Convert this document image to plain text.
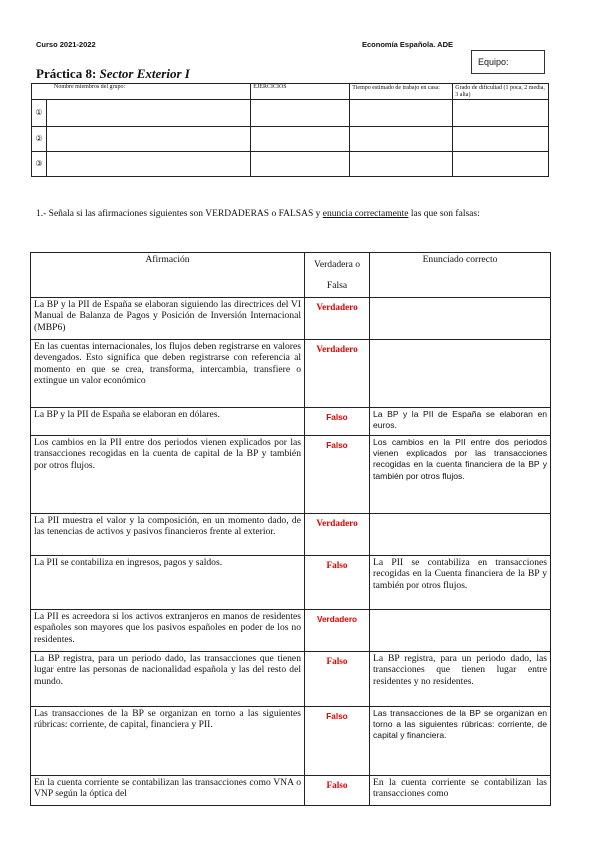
Curso 2021-2022	Economía Española. ADE
Equipo:
Práctica 8: Sector Exterior I
Nombre miembros del grupo:		EJERCICIOS	Tiempo estimado de trabajo en casa:	Grado de dificultad (1 poca, 2 media, 3 alta)
①				
②				
③				
1.- Señala si las afirmaciones siguientes son VERDADERAS o FALSAS y enuncia correctamente las que son falsas:
Afirmación	Verdadera o Falsa	Enunciado correcto
La BP y la PII de España se elaboran siguiendo las directrices del VI Manual de Balanza de Pagos y Posición de Inversión Internacional (MBP6)	Verdadero	
En las cuentas internacionales, los flujos deben registrarse en valores devengados. Esto significa que deben registrarse con referencia al momento en que se crea, transforma, intercambia, transfiere o extingue un valor económico	Verdadero	
La BP y la PII de España se elaboran en dólares.	Falso	La BP y la PII de España se elaboran en euros.
Los cambios en la PII entre dos periodos vienen explicados por las transacciones recogidas en la cuenta de capital de la BP y también por otros flujos.	Falso	Los cambios en la PII entre dos periodos vienen explicados por las transacciones recogidas en la cuenta financiera de la BP y también por otros flujos.
La PII muestra el valor y la composición, en un momento dado, de las tenencias de activos y pasivos financieros frente al exterior.	Verdadero	
La PII se contabiliza en ingresos, pagos y saldos.	Falso	La PII se contabiliza en transacciones recogidas en la Cuenta financiera de la BP y también por otros flujos.
La PII es acreedora si los activos extranjeros en manos de residentes españoles son mayores que los pasivos españoles en poder de los no residentes.	Verdadero	
La BP registra, para un periodo dado, las transacciones que tienen lugar entre las personas de nacionalidad española y las del resto del mundo.	Falso	La BP registra, para un periodo dado, las transacciones que tienen lugar entre residentes y no residentes.
Las transacciones de la BP se organizan en torno a las siguientes rúbricas: corriente, de capital, financiera y PII.	Falso	Las transacciones de la BP se organizan en torno a las siguientes rúbricas: corriente, de capital y financiera.
En la cuenta corriente se contabilizan las transacciones como VNA o VNP según la óptica del	Falso	En la cuenta corriente se contabilizan las transacciones como
